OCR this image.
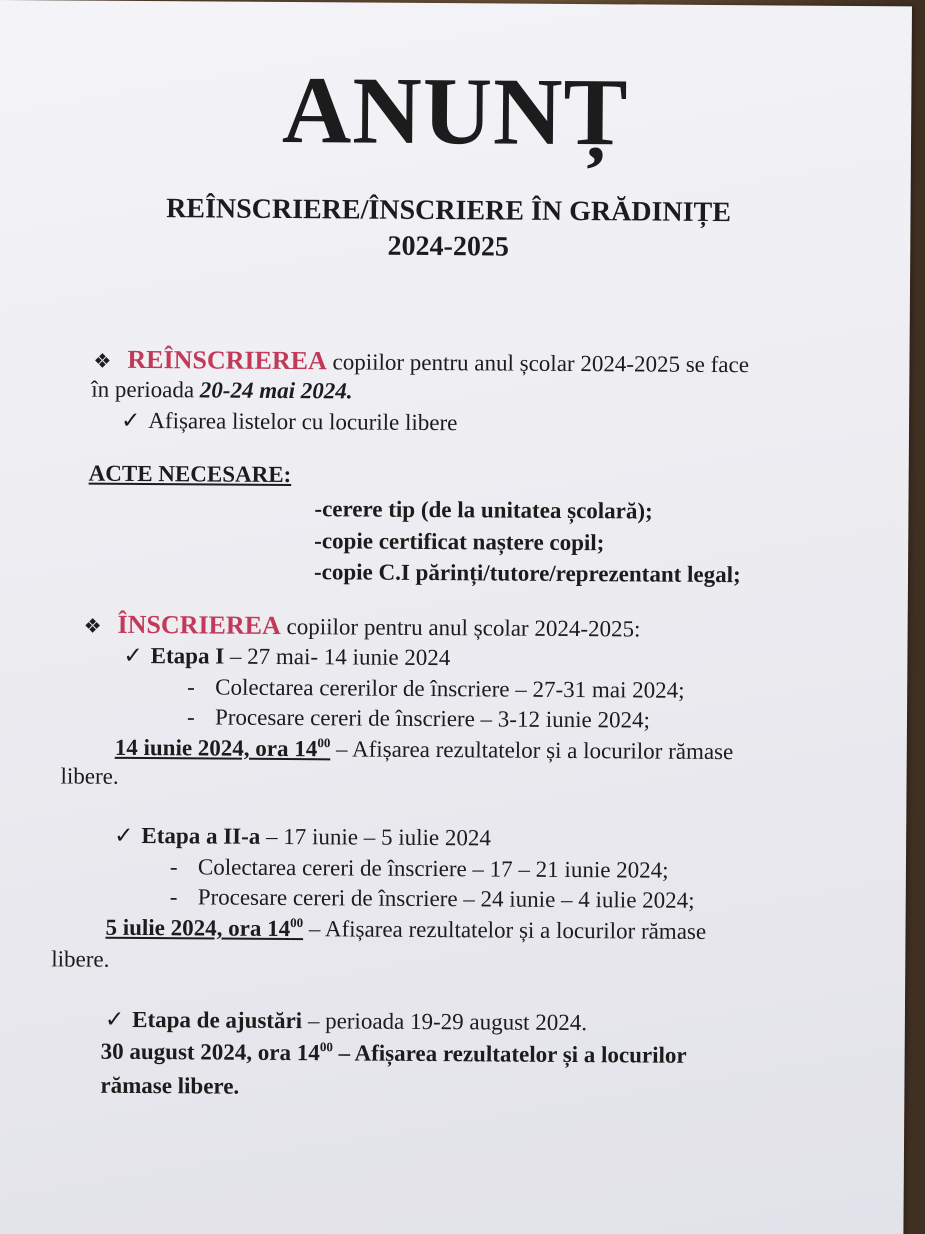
ANUNȚ
REÎNSCRIERE/ÎNSCRIERE ÎN GRĂDINIȚE
2024-2025
❖ REÎNSCRIEREA copiilor pentru anul școlar 2024-2025 se face
în perioada 20-24 mai 2024.
✓ Afișarea listelor cu locurile libere
ACTE NECESARE:
-cerere tip (de la unitatea școlară);
-copie certificat naștere copil;
-copie C.I părinți/tutore/reprezentant legal;
❖ ÎNSCRIEREA copiilor pentru anul școlar 2024-2025:
✓ Etapa I – 27 mai- 14 iunie 2024
- Colectarea cererilor de înscriere – 27-31 mai 2024;
- Procesare cereri de înscriere – 3-12 iunie 2024;
14 iunie 2024, ora $14^{00}$ – Afișarea rezultatelor și a locurilor rămase
libere.
✓ Etapa a II-a – 17 iunie – 5 iulie 2024
- Colectarea cereri de înscriere – 17 – 21 iunie 2024;
- Procesare cereri de înscriere – 24 iunie – 4 iulie 2024;
5 iulie 2024, ora $14^{00}$ – Afișarea rezultatelor și a locurilor rămase
libere.
✓ Etapa de ajustări – perioada 19-29 august 2024.
30 august 2024, ora $14^{00}$ – Afișarea rezultatelor și a locurilor
rămase libere.
